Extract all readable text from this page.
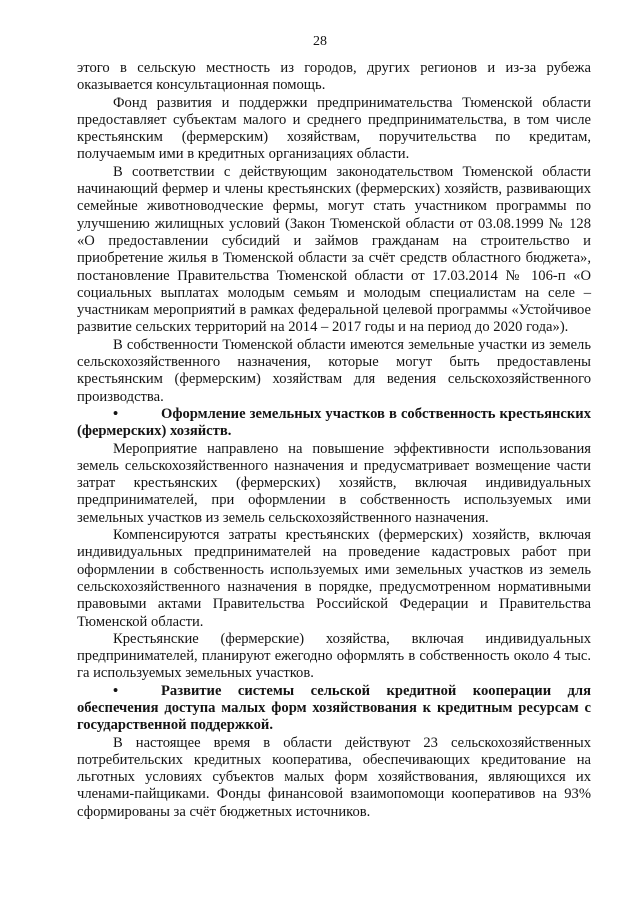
28

этого в сельскую местность из городов, других регионов и из-за рубежа оказывается консультационная помощь.

Фонд развития и поддержки предпринимательства Тюменской области предоставляет субъектам малого и среднего предпринимательства, в том числе крестьянским (фермерским) хозяйствам, поручительства по кредитам, получаемым ими в кредитных организациях области.

В соответствии с действующим законодательством Тюменской области начинающий фермер и члены крестьянских (фермерских) хозяйств, развивающих семейные животноводческие фермы, могут стать участником программы по улучшению жилищных условий (Закон Тюменской области от 03.08.1999 № 128 «О предоставлении субсидий и займов гражданам на строительство и приобретение жилья в Тюменской области за счёт средств областного бюджета», постановление Правительства Тюменской области от 17.03.2014 № 106-п «О социальных выплатах молодым семьям и молодым специалистам на селе – участникам мероприятий в рамках федеральной целевой программы «Устойчивое развитие сельских территорий на 2014 – 2017 годы и на период до 2020 года»).

В собственности Тюменской области имеются земельные участки из земель сельскохозяйственного назначения, которые могут быть предоставлены крестьянским (фермерским) хозяйствам для ведения сельскохозяйственного производства.

•	Оформление земельных участков в собственность крестьянских (фермерских) хозяйств.

Мероприятие направлено на повышение эффективности использования земель сельскохозяйственного назначения и предусматривает возмещение части затрат крестьянских (фермерских) хозяйств, включая индивидуальных предпринимателей, при оформлении в собственность используемых ими земельных участков из земель сельскохозяйственного назначения.

Компенсируются затраты крестьянских (фермерских) хозяйств, включая индивидуальных предпринимателей на проведение кадастровых работ при оформлении в собственность используемых ими земельных участков из земель сельскохозяйственного назначения в порядке, предусмотренном нормативными правовыми актами Правительства Российской Федерации и Правительства Тюменской области.

Крестьянские (фермерские) хозяйства, включая индивидуальных предпринимателей, планируют ежегодно оформлять в собственность около 4 тыс. га используемых земельных участков.

•	Развитие системы сельской кредитной кооперации для обеспечения доступа малых форм хозяйствования к кредитным ресурсам с государственной поддержкой.

В настоящее время в области действуют 23 сельскохозяйственных потребительских кредитных кооператива, обеспечивающих кредитование на льготных условиях субъектов малых форм хозяйствования, являющихся их членами-пайщиками. Фонды финансовой взаимопомощи кооперативов на 93% сформированы за счёт бюджетных источников.
